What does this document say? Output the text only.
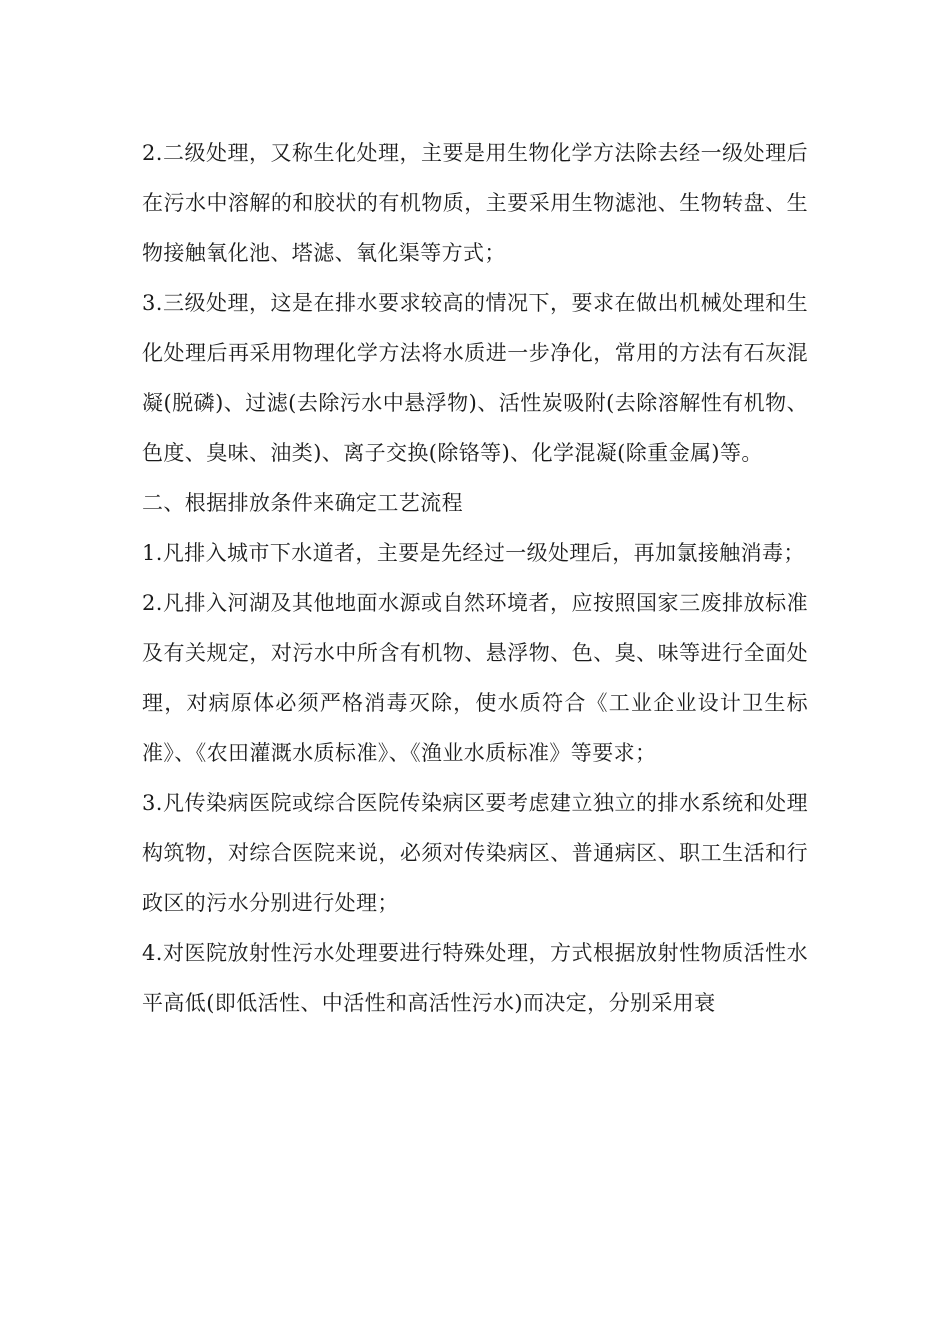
2.二级处理，又称生化处理，主要是用生物化学方法除去经一级处理后在污水中溶解的和胶状的有机物质，主要采用生物滤池、生物转盘、生物接触氧化池、塔滤、氧化渠等方式；

3.三级处理，这是在排水要求较高的情况下，要求在做出机械处理和生化处理后再采用物理化学方法将水质进一步净化，常用的方法有石灰混凝(脱磷)、过滤(去除污水中悬浮物)、活性炭吸附(去除溶解性有机物、色度、臭味、油类)、离子交换(除铬等)、化学混凝(除重金属)等。

二、根据排放条件来确定工艺流程

1.凡排入城市下水道者，主要是先经过一级处理后，再加氯接触消毒；

2.凡排入河湖及其他地面水源或自然环境者，应按照国家三废排放标准及有关规定，对污水中所含有机物、悬浮物、色、臭、味等进行全面处理，对病原体必须严格消毒灭除，使水质符合《工业企业设计卫生标准》、《农田灌溉水质标准》、《渔业水质标准》等要求；

3.凡传染病医院或综合医院传染病区要考虑建立独立的排水系统和处理构筑物，对综合医院来说，必须对传染病区、普通病区、职工生活和行政区的污水分别进行处理；

4.对医院放射性污水处理要进行特殊处理，方式根据放射性物质活性水平高低(即低活性、中活性和高活性污水)而决定，分别采用衰
